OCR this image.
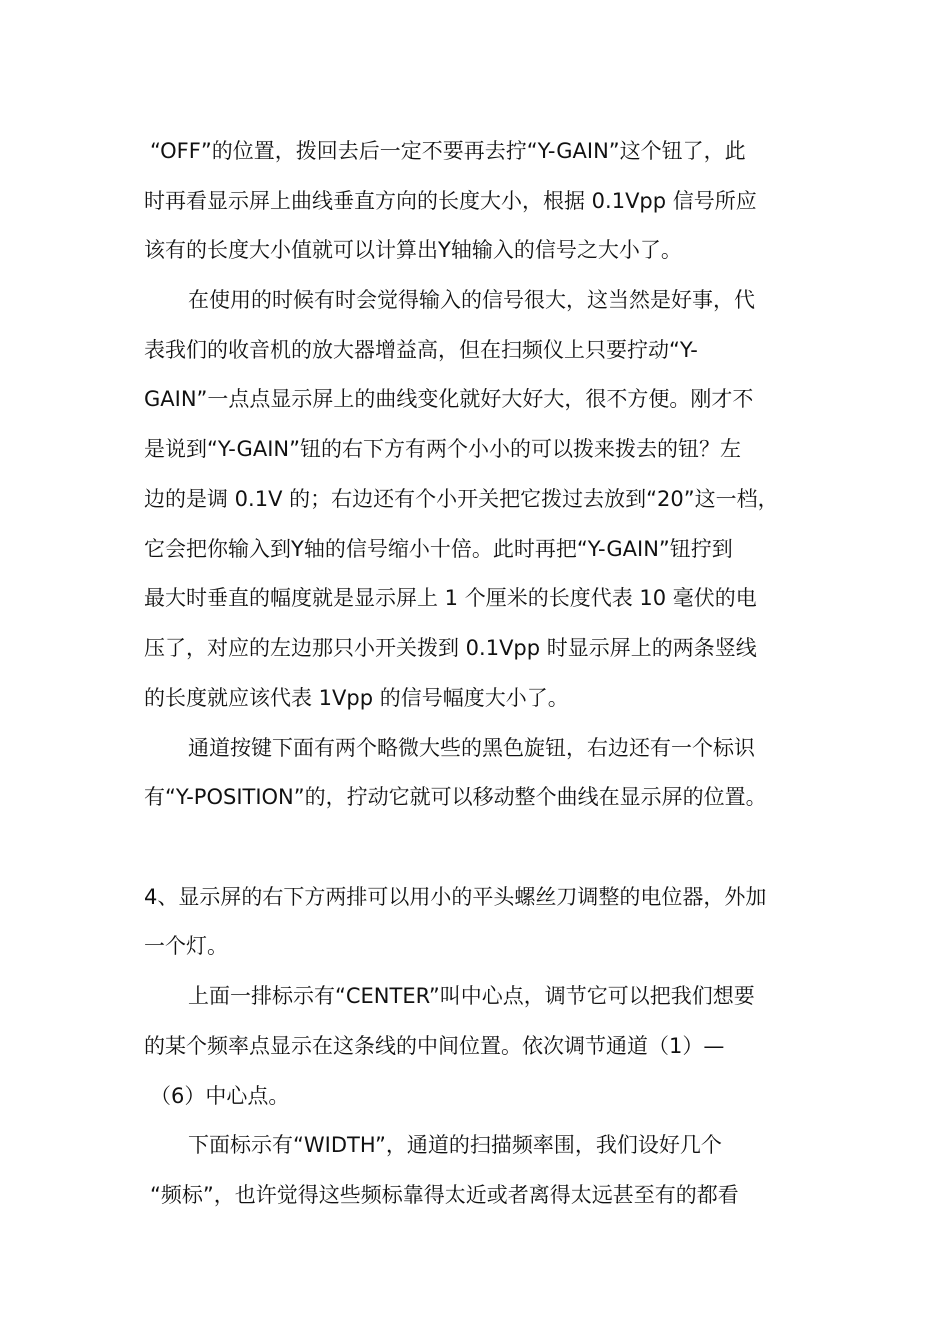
“OFF”的位置，拨回去后一定不要再去拧“Y-GAIN”这个钮了，此
时再看显示屏上曲线垂直方向的长度大小，根据 0.1Vpp 信号所应
该有的长度大小值就可以计算出Y轴输入的信号之大小了。
在使用的时候有时会觉得输入的信号很大，这当然是好事，代
表我们的收音机的放大器增益高，但在扫频仪上只要拧动“Y-
GAIN”一点点显示屏上的曲线变化就好大好大，很不方便。刚才不
是说到“Y-GAIN”钮的右下方有两个小小的可以拨来拨去的钮？左
边的是调 0.1V 的；右边还有个小开关把它拨过去放到“20”这一档，
它会把你输入到Y轴的信号缩小十倍。此时再把“Y-GAIN”钮拧到
最大时垂直的幅度就是显示屏上 1 个厘米的长度代表 10 毫伏的电
压了，对应的左边那只小开关拨到 0.1Vpp 时显示屏上的两条竖线
的长度就应该代表 1Vpp 的信号幅度大小了。
通道按键下面有两个略微大些的黑色旋钮，右边还有一个标识
有“Y-POSITION”的，拧动它就可以移动整个曲线在显示屏的位置。
4、显示屏的右下方两排可以用小的平头螺丝刀调整的电位器，外加
一个灯。
上面一排标示有“CENTER”叫中心点，调节它可以把我们想要
的某个频率点显示在这条线的中间位置。依次调节通道（1）—
（6）中心点。
下面标示有“WIDTH”，通道的扫描频率围，我们设好几个
“频标”，也许觉得这些频标靠得太近或者离得太远甚至有的都看
